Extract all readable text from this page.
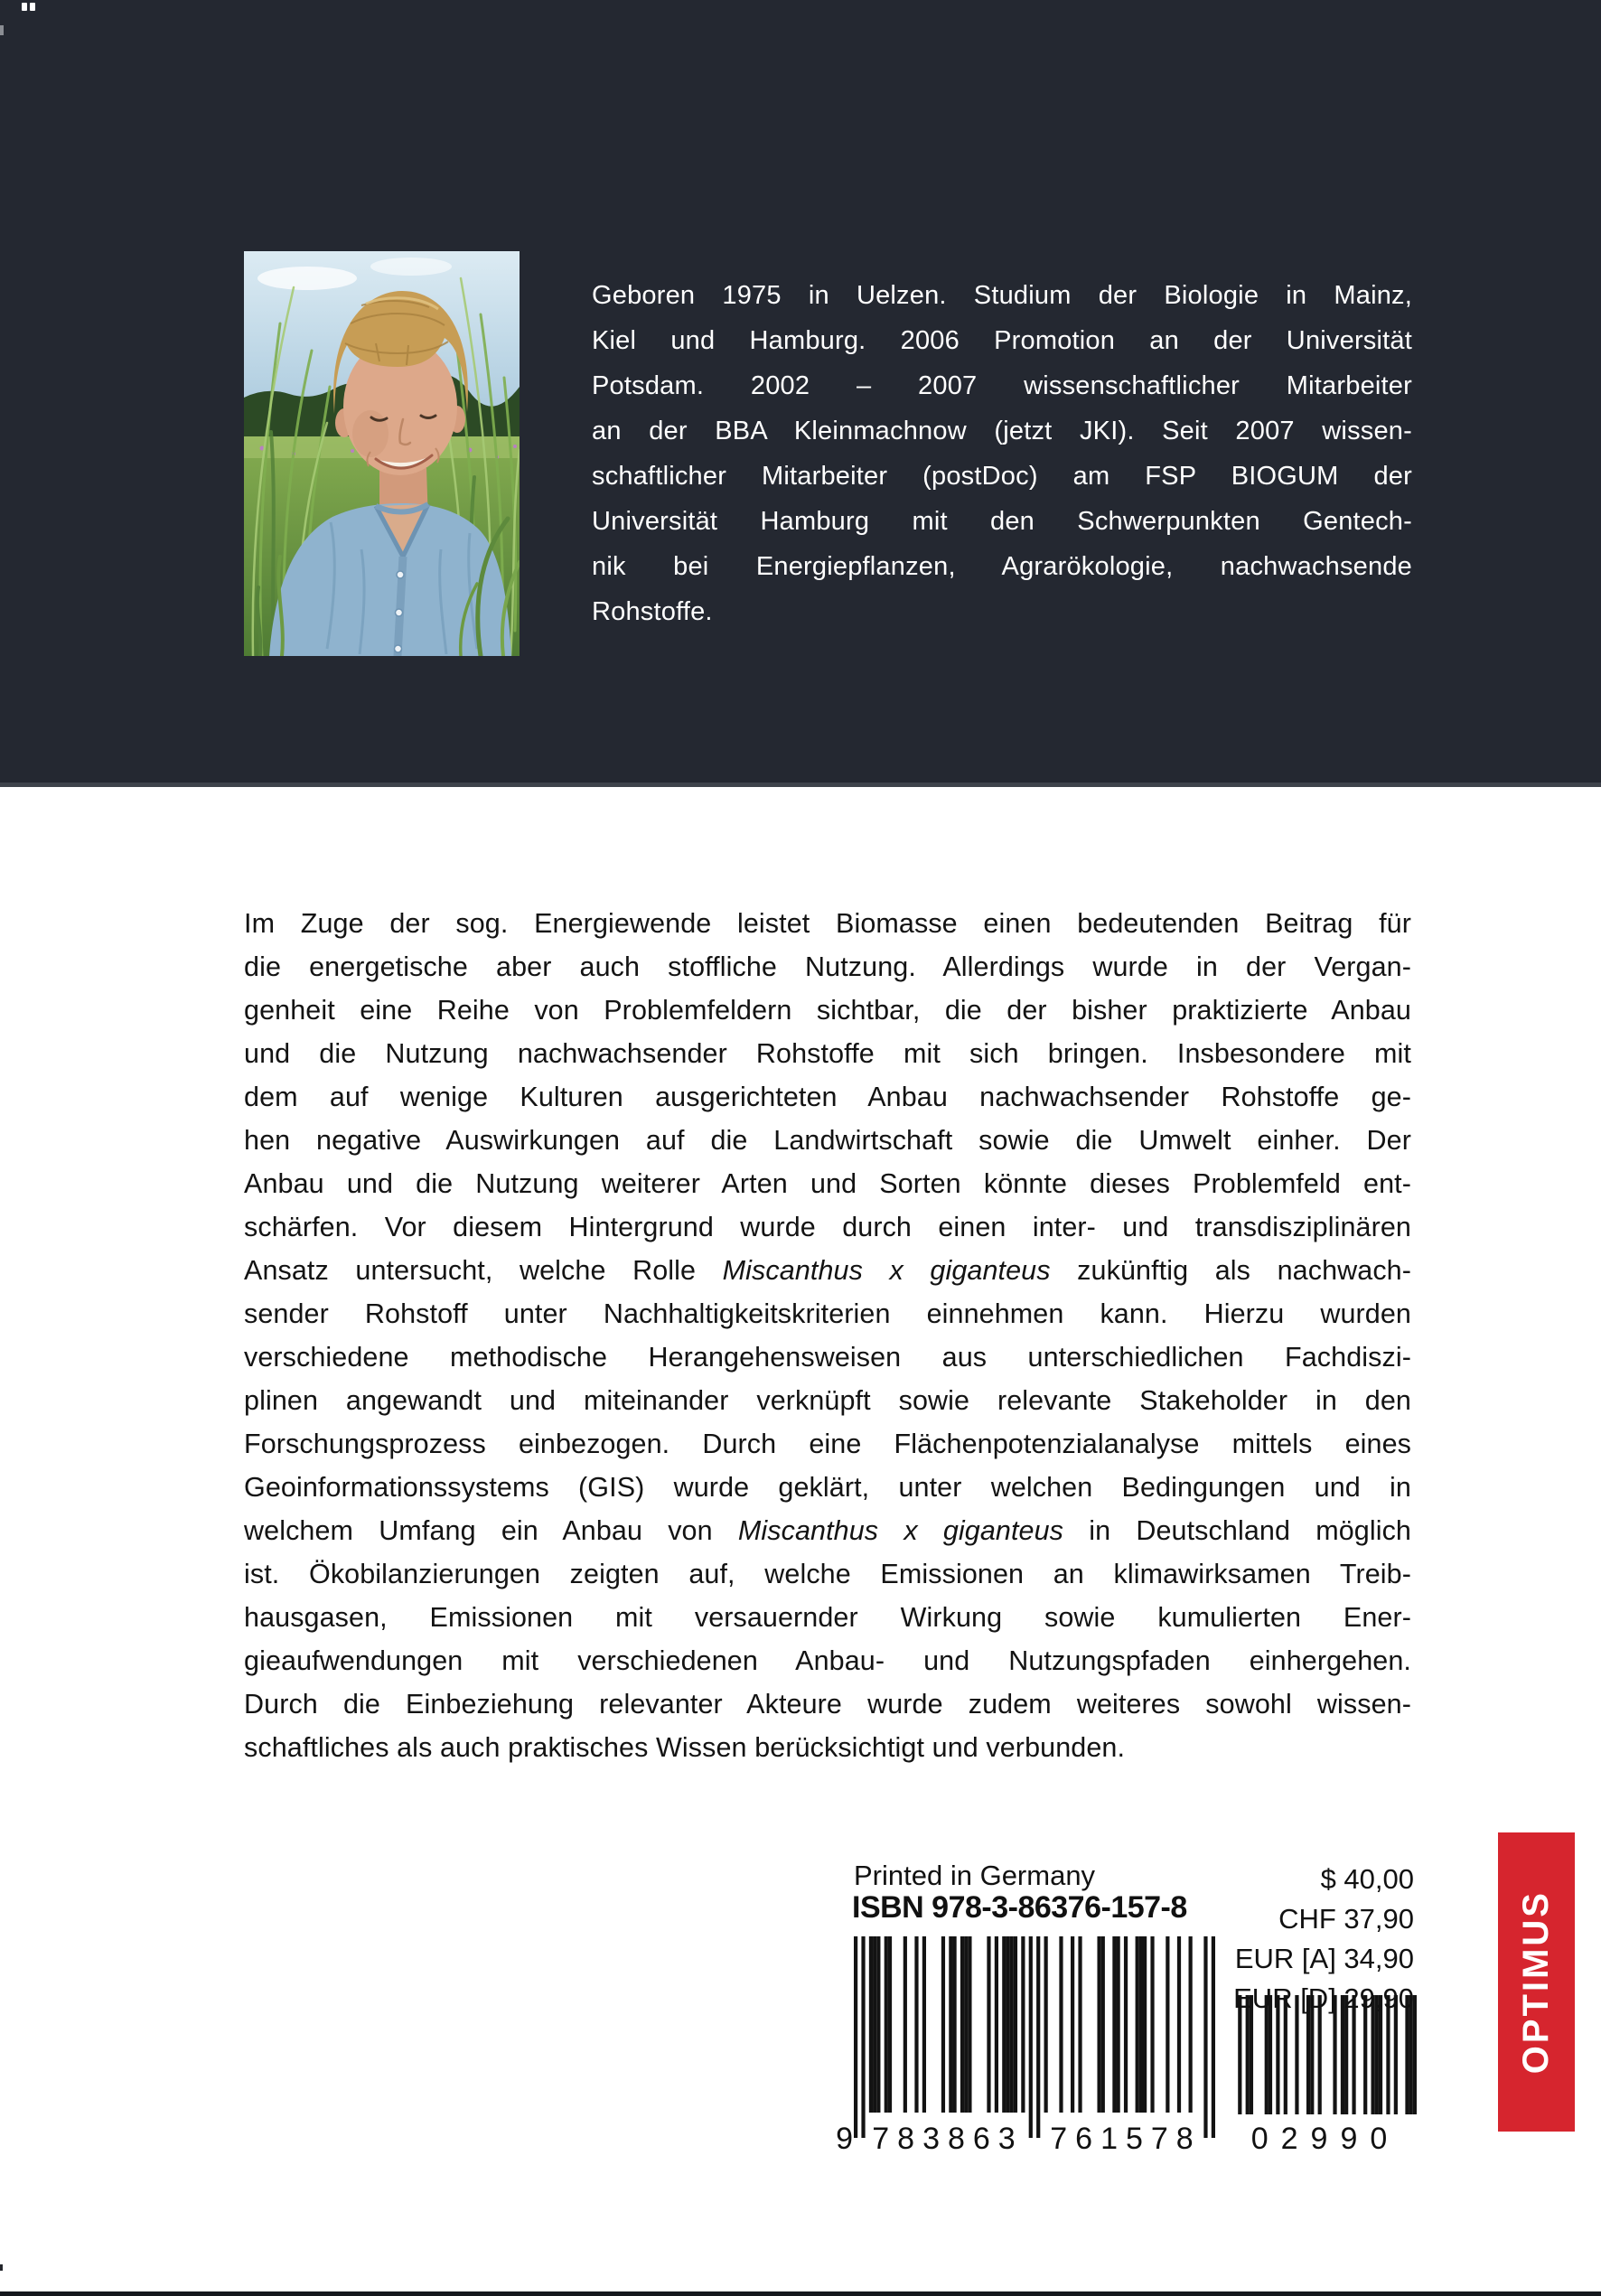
Geboren 1975 in Uelzen. Studium der Biologie in Mainz,
Kiel und Hamburg. 2006 Promotion an der Universität
Potsdam. 2002 – 2007 wissenschaftlicher Mitarbeiter
an der BBA Kleinmachnow (jetzt JKI). Seit 2007 wissen-
schaftlicher Mitarbeiter (postDoc) am FSP BIOGUM der
Universität Hamburg mit den Schwerpunkten Gentech-
nik bei Energiepflanzen, Agrarökologie, nachwachsende
Rohstoffe.
Im Zuge der sog. Energiewende leistet Biomasse einen bedeutenden Beitrag für
die energetische aber auch stoffliche Nutzung. Allerdings wurde in der Vergan-
genheit eine Reihe von Problemfeldern sichtbar, die der bisher praktizierte Anbau
und die Nutzung nachwachsender Rohstoffe mit sich bringen. Insbesondere mit
dem auf wenige Kulturen ausgerichteten Anbau nachwachsender Rohstoffe ge-
hen negative Auswirkungen auf die Landwirtschaft sowie die Umwelt einher. Der
Anbau und die Nutzung weiterer Arten und Sorten könnte dieses Problemfeld ent-
schärfen. Vor diesem Hintergrund wurde durch einen inter- und transdisziplinären
Ansatz untersucht, welche Rolle Miscanthus x giganteus zukünftig als nachwach-
sender Rohstoff unter Nachhaltigkeitskriterien einnehmen kann. Hierzu wurden
verschiedene methodische Herangehensweisen aus unterschiedlichen Fachdiszi-
plinen angewandt und miteinander verknüpft sowie relevante Stakeholder in den
Forschungsprozess einbezogen. Durch eine Flächenpotenzialanalyse mittels eines
Geoinformationssystems (GIS) wurde geklärt, unter welchen Bedingungen und in
welchem Umfang ein Anbau von Miscanthus x giganteus in Deutschland möglich
ist. Ökobilanzierungen zeigten auf, welche Emissionen an klimawirksamen Treib-
hausgasen, Emissionen mit versauernder Wirkung sowie kumulierten Ener-
gieaufwendungen mit verschiedenen Anbau- und Nutzungspfaden einhergehen.
Durch die Einbeziehung relevanter Akteure wurde zudem weiteres sowohl wissen-
schaftliches als auch praktisches Wissen berücksichtigt und verbunden.
Printed in Germany
ISBN 978-3-86376-157-8
9 783863 761578	02990
$ 40,00
CHF 37,90
EUR [A] 34,90
EUR [D] 29,90	OPTIMUS
